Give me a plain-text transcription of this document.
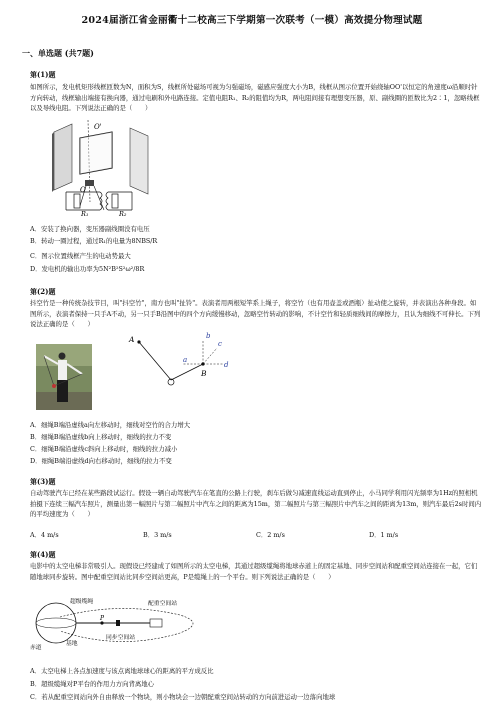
2024届浙江省金丽衢十二校高三下学期第一次联考（一模）高效提分物理试题
一、单选题 (共7题)
第(1)题
如图所示，发电机矩形线框匝数为N，面积为S，线框所处磁场可视为匀强磁场，磁感应强度大小为B，线框从图示位置开始绕轴OO'以恒定的角速度ω沿顺时针方向转动，线框输出端接有换向器，通过电刷和外电路连接。定值电阻R₁、R₂的阻值均为R，两电阻间接有理想变压器，原、副线圈的匝数比为2∶1，忽略线框以及导线电阻。下列说法正确的是（　　）
O'
O
R₁	R₂
A．安装了换向器，变压器副线圈没有电压
B．转动一圈过程，通过R₁的电量为8NBS/R
C．图示位置线框产生的电动势最大
D．发电机的输出功率为5N²B²S²ω²/8R
第(2)题
抖空竹是一种传统杂技节目，叫"抖空竹"，南方也叫"扯铃"。表演者用两根短竿系上绳子，将空竹（也有用壶盖或酒瓶）扯动使之旋转，并表演出各种身段。如图所示，表演者保持一只手A不动，另一只手B沿图中的四个方向缓慢移动，忽略空竹转动的影响，不计空竹和轻质细线间的摩擦力，且认为细线不可伸长。下列说法正确的是（　　）
A
B
a
b
c
d
A．细绳B端沿虚线a向左移动时，细线对空竹的合力增大
B．细绳B端沿虚线b向上移动时，细线的拉力不变
C．细绳B端沿虚线c斜向上移动时，细线的拉力减小
D．细绳B端沿虚线d向右移动时，细线的拉力不变
第(3)题
自动驾驶汽车已经在某些路段试运行。假设一辆自动驾驶汽车在笔直的公路上行驶，刹车后做匀减速直线运动直到停止，小马同学利用闪光频率为1Hz的照相机拍摄下连续三幅汽车照片，测量出第一幅照片与第二幅照片中汽车之间的距离为15m，第二幅照片与第三幅照片中汽车之间的距离为13m，则汽车最后2s时间内的平均速度为（　　）
A．4 m/s	B．3 m/s	C．2 m/s	D．1 m/s
第(4)题
电影中的太空电梯非常吸引人。现假设已经建成了如图所示的太空电梯，其通过超级缆绳将地球赤道上的固定基地、同步空间站和配重空间站连接在一起，它们随地球同步旋转。图中配重空间站比同步空间站更高，P是缆绳上的一个平台。则下列说法正确的是（　　）
超级缆绳	配重空间站
赤道
基地
同步空间站
P
A．太空电梯上各点加速度与该点离地球球心的距离的平方成反比
B．超级缆绳对P平台的作用力方向背离地心
C．若从配重空间站向外自由释放一个物块，则小物块会一边朝配重空间站转动的方向前进运动一边落向地球
